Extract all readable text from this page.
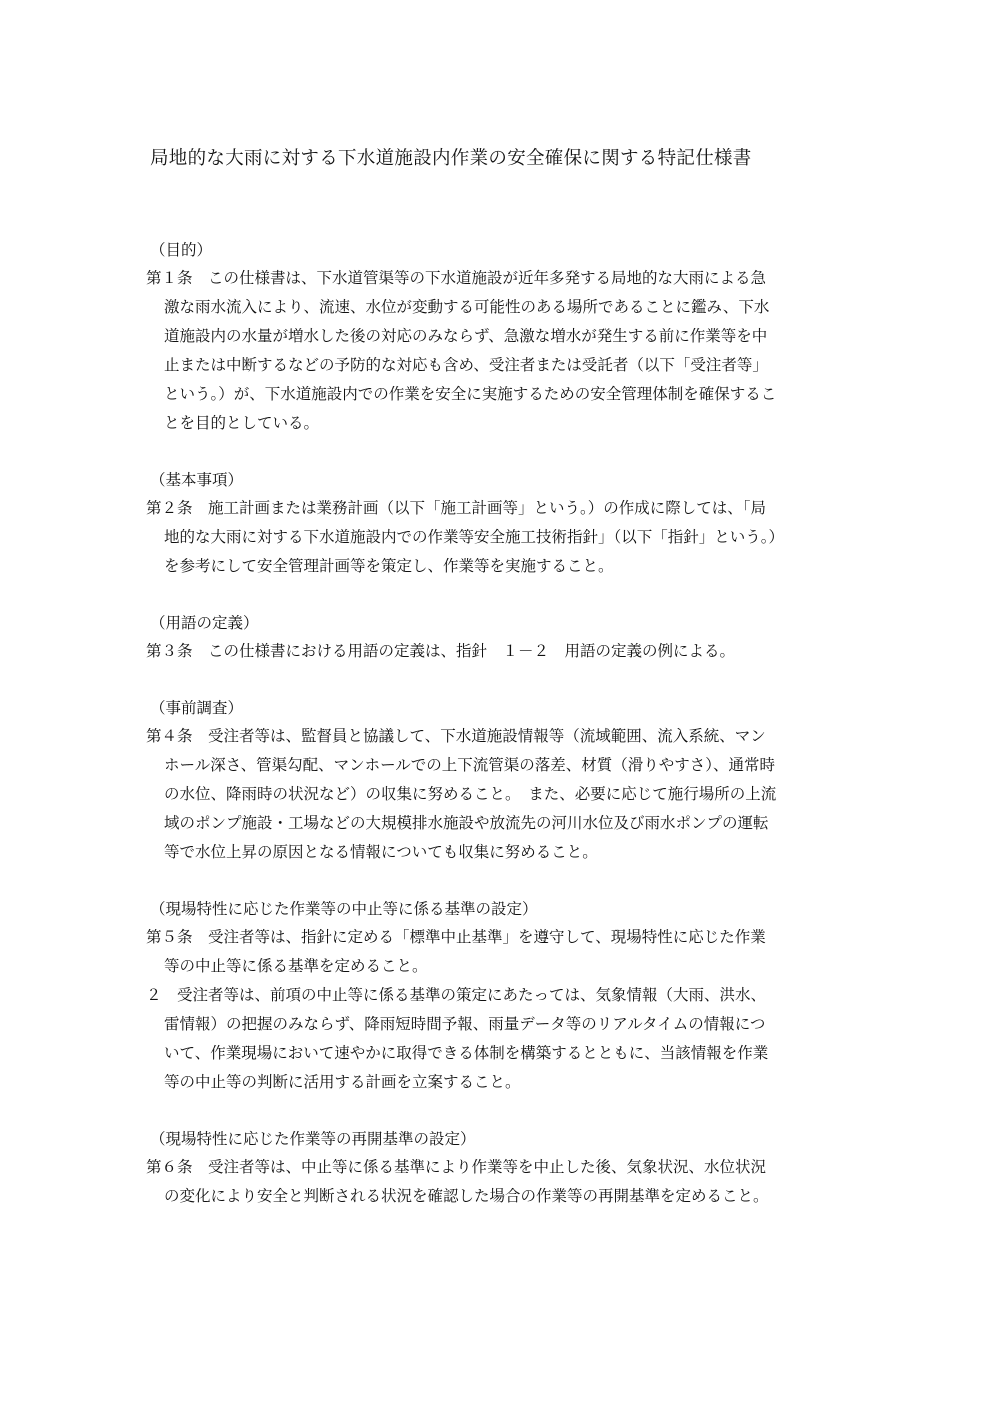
局地的な大雨に対する下水道施設内作業の安全確保に関する特記仕様書

（目的）

第１条　この仕様書は、下水道管渠等の下水道施設が近年多発する局地的な大雨による急
激な雨水流入により、流速、水位が変動する可能性のある場所であることに鑑み、下水
道施設内の水量が増水した後の対応のみならず、急激な増水が発生する前に作業等を中
止または中断するなどの予防的な対応も含め、受注者または受託者（以下「受注者等」
という。）が、下水道施設内での作業を安全に実施するための安全管理体制を確保するこ
とを目的としている。

（基本事項）

第２条　施工計画または業務計画（以下「施工計画等」という。）の作成に際しては、「局
地的な大雨に対する下水道施設内での作業等安全施工技術指針」（以下「指針」という。）
を参考にして安全管理計画等を策定し、作業等を実施すること。

（用語の定義）

第３条　この仕様書における用語の定義は、指針　１－２　用語の定義の例による。

（事前調査）

第４条　受注者等は、監督員と協議して、下水道施設情報等（流域範囲、流入系統、マン
ホール深さ、管渠勾配、マンホールでの上下流管渠の落差、材質（滑りやすさ）、通常時
の水位、降雨時の状況など）の収集に努めること。　また、必要に応じて施行場所の上流
域のポンプ施設・工場などの大規模排水施設や放流先の河川水位及び雨水ポンプの運転
等で水位上昇の原因となる情報についても収集に努めること。

（現場特性に応じた作業等の中止等に係る基準の設定）

第５条　受注者等は、指針に定める「標準中止基準」を遵守して、現場特性に応じた作業
等の中止等に係る基準を定めること。

２　受注者等は、前項の中止等に係る基準の策定にあたっては、気象情報（大雨、洪水、
雷情報）の把握のみならず、降雨短時間予報、雨量データ等のリアルタイムの情報につ
いて、作業現場において速やかに取得できる体制を構築するとともに、当該情報を作業
等の中止等の判断に活用する計画を立案すること。

（現場特性に応じた作業等の再開基準の設定）

第６条　受注者等は、中止等に係る基準により作業等を中止した後、気象状況、水位状況
の変化により安全と判断される状況を確認した場合の作業等の再開基準を定めること。
